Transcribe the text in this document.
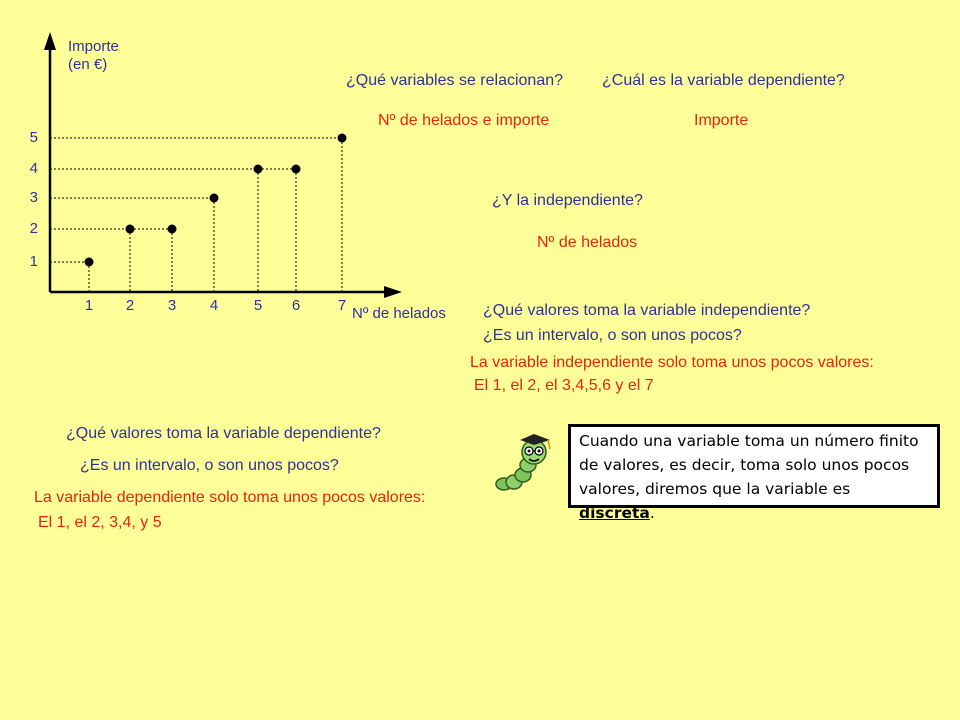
1 2 3 4 5 6	7
1
2
3
4
5
Importe
(en €)
Nº de helados
¿Qué variables se relacionan? ¿Cuál es la variable dependiente?
Nº de helados e importe	Importe
¿Y la independiente?
Nº de helados
¿Qué valores toma la variable independiente?
¿Es un intervalo, o son unos pocos?
La variable independiente solo toma unos pocos valores:
El 1, el 2, el 3,4,5,6 y el 7
¿Qué valores toma la variable dependiente?
¿Es un intervalo, o son unos pocos?
La variable dependiente solo toma unos pocos valores:
El 1, el 2, 3,4, y 5
Cuando una variable toma un número finito
de valores, es decir, toma solo unos pocos
valores, diremos que la variable es discreta.
